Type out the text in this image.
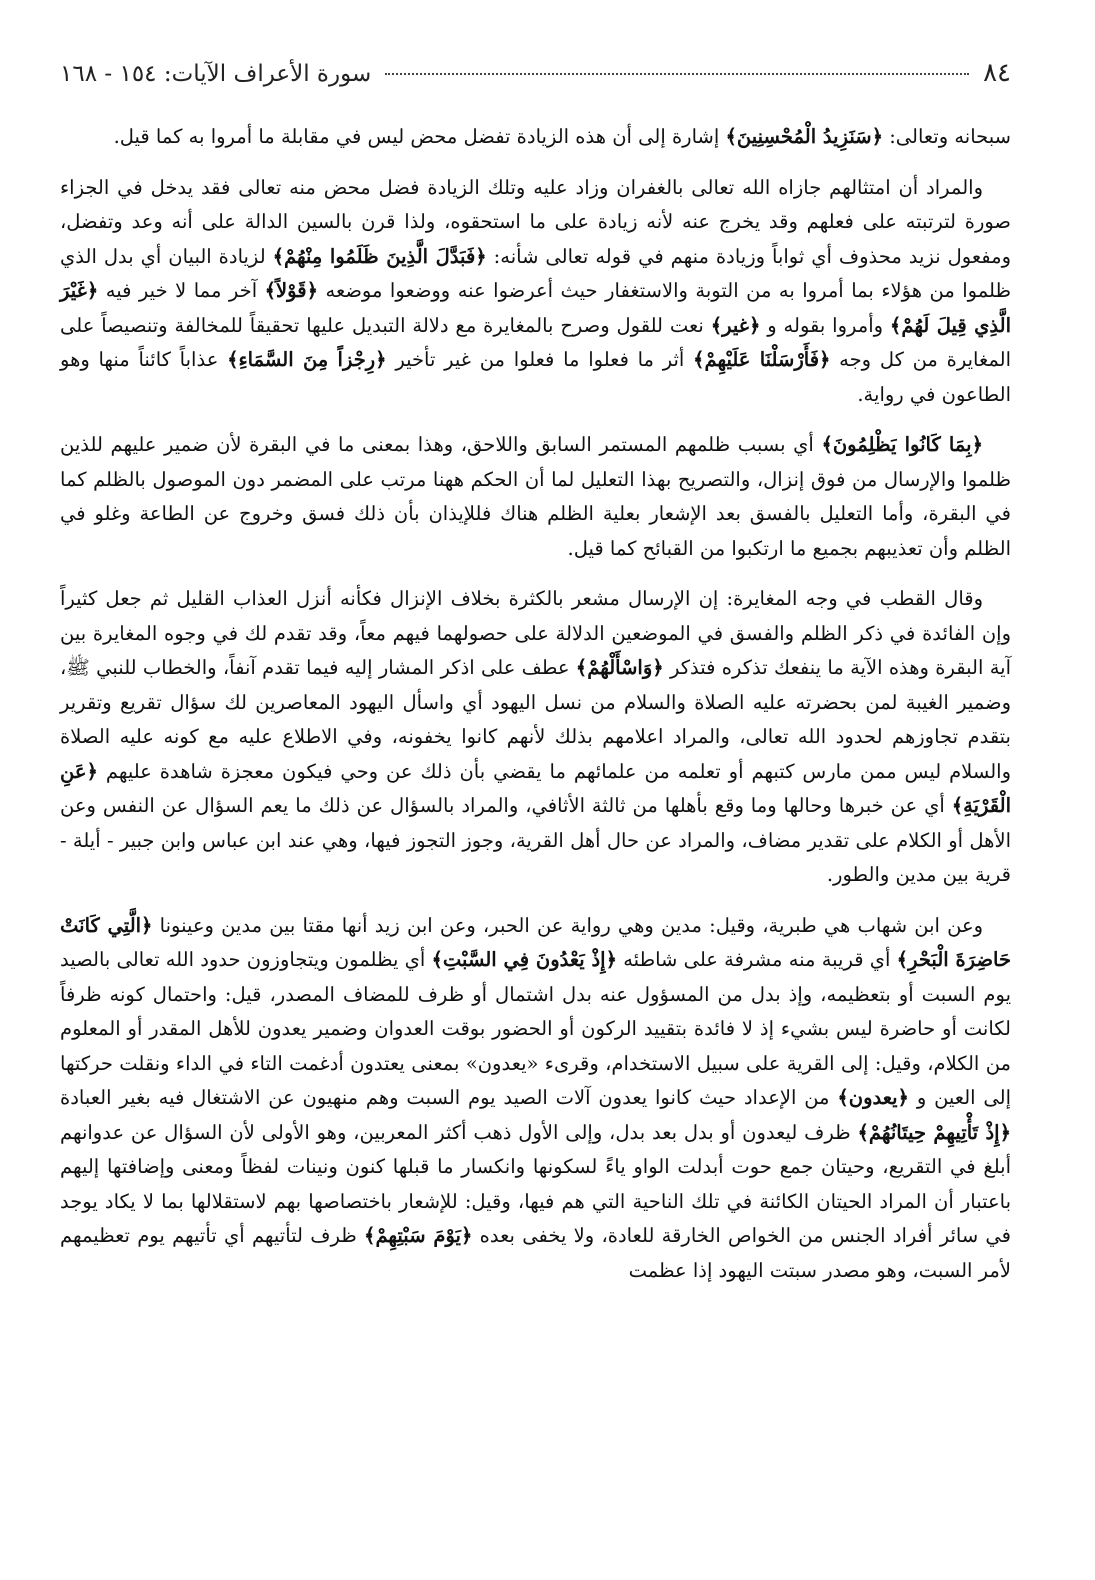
٨٤
سورة الأعراف الآيات: ١٥٤ - ١٦٨

سبحانه وتعالى: ﴿سَنَزِيدُ الْمُحْسِنِينَ﴾ إشارة إلى أن هذه الزيادة تفضل محض ليس في مقابلة ما أمروا به كما قيل.

والمراد أن امتثالهم جازاه الله تعالى بالغفران وزاد عليه وتلك الزيادة فضل محض منه تعالى فقد يدخل في الجزاء صورة لترتبته على فعلهم وقد يخرج عنه لأنه زيادة على ما استحقوه، ولذا قرن بالسين الدالة على أنه وعد وتفضل، ومفعول نزيد محذوف أي ثواباً وزيادة منهم في قوله تعالى شأنه: ﴿فَبَدَّلَ الَّذِينَ ظَلَمُوا مِنْهُمْ﴾ لزيادة البيان أي بدل الذي ظلموا من هؤلاء بما أمروا به من التوبة والاستغفار حيث أعرضوا عنه ووضعوا موضعه ﴿قَوْلاً﴾ آخر مما لا خير فيه ﴿غَيْرَ الَّذِي قِيلَ لَهُمْ﴾ وأمروا بقوله و ﴿غير﴾ نعت للقول وصرح بالمغايرة مع دلالة التبديل عليها تحقيقاً للمخالفة وتنصيصاً على المغايرة من كل وجه ﴿فَأَرْسَلْنَا عَلَيْهِمْ﴾ أثر ما فعلوا ما فعلوا من غير تأخير ﴿رِجْزاً مِنَ السَّمَاءِ﴾ عذاباً كائناً منها وهو الطاعون في رواية.

﴿بِمَا كَانُوا يَظْلِمُونَ﴾ أي بسبب ظلمهم المستمر السابق واللاحق، وهذا بمعنى ما في البقرة لأن ضمير عليهم للذين ظلموا والإرسال من فوق إنزال، والتصريح بهذا التعليل لما أن الحكم ههنا مرتب على المضمر دون الموصول بالظلم كما في البقرة، وأما التعليل بالفسق بعد الإشعار بعلية الظلم هناك فللإيذان بأن ذلك فسق وخروج عن الطاعة وغلو في الظلم وأن تعذيبهم بجميع ما ارتكبوا من القبائح كما قيل.

وقال القطب في وجه المغايرة: إن الإرسال مشعر بالكثرة بخلاف الإنزال فكأنه أنزل العذاب القليل ثم جعل كثيراً وإن الفائدة في ذكر الظلم والفسق في الموضعين الدلالة على حصولهما فيهم معاً، وقد تقدم لك في وجوه المغايرة بين آية البقرة وهذه الآية ما ينفعك تذكره فتذكر ﴿وَاسْأَلْهُمْ﴾ عطف على اذكر المشار إليه فيما تقدم آنفاً، والخطاب للنبي ﷺ، وضمير الغيبة لمن بحضرته عليه الصلاة والسلام من نسل اليهود أي واسأل اليهود المعاصرين لك سؤال تقريع وتقرير بتقدم تجاوزهم لحدود الله تعالى، والمراد اعلامهم بذلك لأنهم كانوا يخفونه، وفي الاطلاع عليه مع كونه عليه الصلاة والسلام ليس ممن مارس كتبهم أو تعلمه من علمائهم ما يقضي بأن ذلك عن وحي فيكون معجزة شاهدة عليهم ﴿عَنِ الْقَرْيَةِ﴾ أي عن خبرها وحالها وما وقع بأهلها من ثالثة الأثافي، والمراد بالسؤال عن ذلك ما يعم السؤال عن النفس وعن الأهل أو الكلام على تقدير مضاف، والمراد عن حال أهل القرية، وجوز التجوز فيها، وهي عند ابن عباس وابن جبير - أيلة - قرية بين مدين والطور.

وعن ابن شهاب هي طبرية، وقيل: مدين وهي رواية عن الحبر، وعن ابن زيد أنها مقتا بين مدين وعينونا ﴿الَّتِي كَانَتْ حَاضِرَةَ الْبَحْرِ﴾ أي قريبة منه مشرفة على شاطئه ﴿إِذْ يَعْدُونَ فِي السَّبْتِ﴾ أي يظلمون ويتجاوزون حدود الله تعالى بالصيد يوم السبت أو بتعظيمه، وإذ بدل من المسؤول عنه بدل اشتمال أو ظرف للمضاف المصدر، قيل: واحتمال كونه ظرفاً لكانت أو حاضرة ليس بشيء إذ لا فائدة بتقييد الركون أو الحضور بوقت العدوان وضمير يعدون للأهل المقدر أو المعلوم من الكلام، وقيل: إلى القرية على سبيل الاستخدام، وقرىء «يعدون» بمعنى يعتدون أدغمت التاء في الداء ونقلت حركتها إلى العين و ﴿يعدون﴾ من الإعداد حيث كانوا يعدون آلات الصيد يوم السبت وهم منهيون عن الاشتغال فيه بغير العبادة ﴿إِذْ تَأْتِيهِمْ حِيتَانُهُمْ﴾ ظرف ليعدون أو بدل بعد بدل، وإلى الأول ذهب أكثر المعربين، وهو الأولى لأن السؤال عن عدوانهم أبلغ في التقريع، وحيتان جمع حوت أبدلت الواو ياءً لسكونها وانكسار ما قبلها كنون ونينات لفظاً ومعنى وإضافتها إليهم باعتبار أن المراد الحيتان الكائنة في تلك الناحية التي هم فيها، وقيل: للإشعار باختصاصها بهم لاستقلالها بما لا يكاد يوجد في سائر أفراد الجنس من الخواص الخارقة للعادة، ولا يخفى بعده ﴿يَوْمَ سَبْتِهِمْ﴾ ظرف لتأتيهم أي تأتيهم يوم تعظيمهم لأمر السبت، وهو مصدر سبتت اليهود إذا عظمت
